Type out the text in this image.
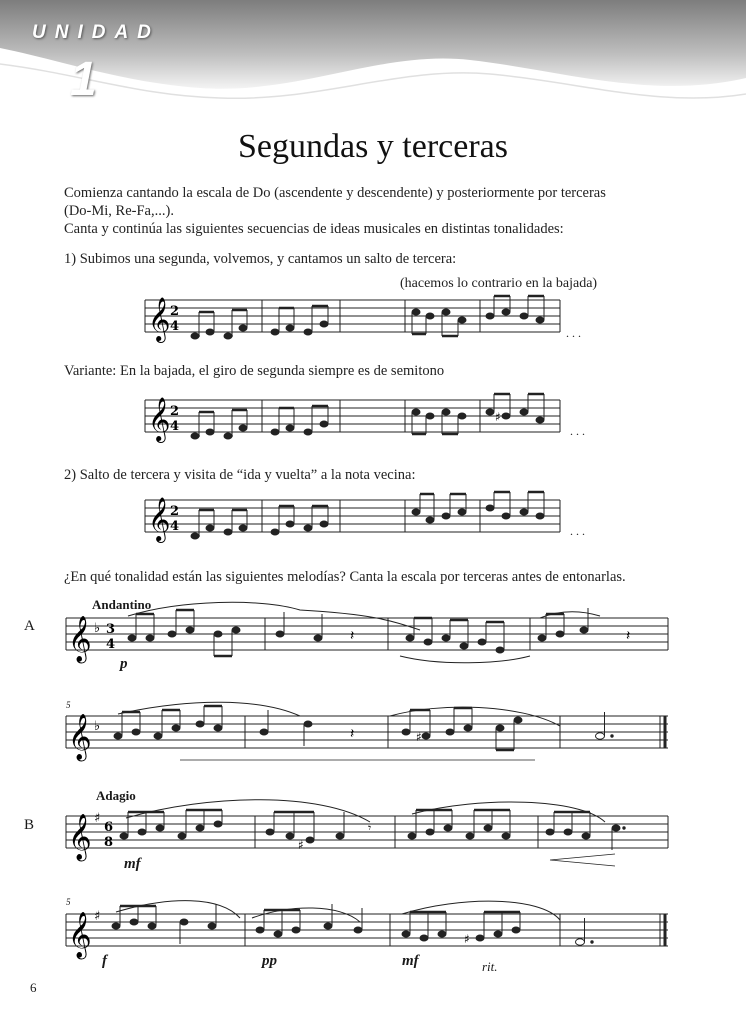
UNIDAD
1
Segundas y terceras
Comienza cantando la escala de Do (ascendente y descendente) y posteriormente por terceras
(Do-Mi, Re-Fa,...).
Canta y continúa las siguientes secuencias de ideas musicales en distintas tonalidades:
1) Subimos una segunda, volvemos, y cantamos un salto de tercera:
(hacemos lo contrario en la bajada)
𝄞 2
4	...
Variante: En la bajada, el giro de segunda siempre es de semitono
𝄞 2
4
♯
...
2) Salto de tercera y visita de “ida y vuelta” a la nota vecina:
𝄞 2
4	...
¿En qué tonalidad están las siguientes melodías? Canta la escala por terceras antes de entonarlas.
A
Andantino
p
𝄞 ♭ 3
4
𝄽	𝄽
5
𝄞 ♭
♯
𝄽
Adagio
B
mf
𝄞 ♯
6
8	♯
𝄾
5
𝄞 ♯
♯
f	pp	mf	rit.
6
